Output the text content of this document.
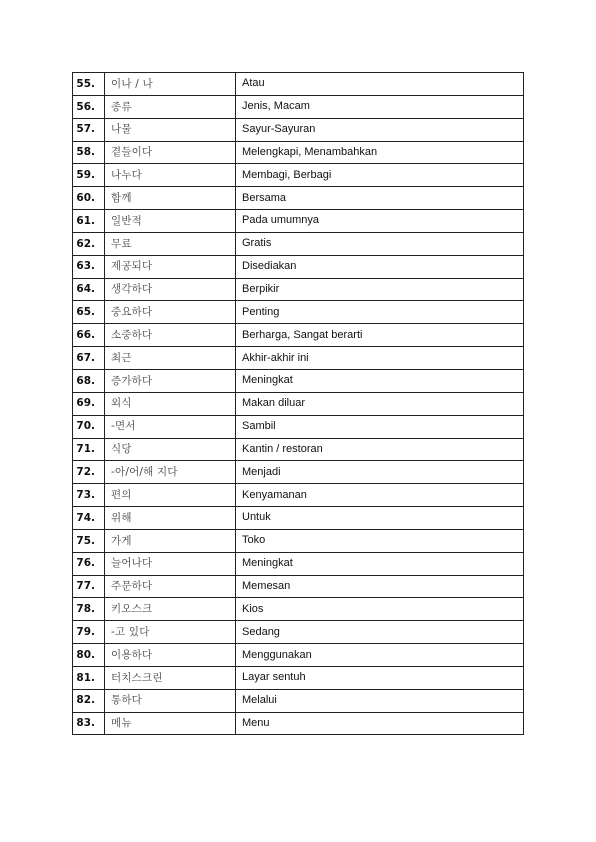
55.	이나 / 나	Atau
56.	종류	Jenis, Macam
57.	나물	Sayur-Sayuran
58.	곁들이다	Melengkapi, Menambahkan
59.	나누다	Membagi, Berbagi
60.	함께	Bersama
61.	일반적	Pada umumnya
62.	무료	Gratis
63.	제공되다	Disediakan
64.	생각하다	Berpikir
65.	중요하다	Penting
66.	소중하다	Berharga, Sangat berarti
67.	최근	Akhir-akhir ini
68.	증가하다	Meningkat
69.	외식	Makan diluar
70.	-면서	Sambil
71.	식당	Kantin / restoran
72.	-아/어/해 지다	Menjadi
73.	편의	Kenyamanan
74.	위해	Untuk
75.	가게	Toko
76.	늘어나다	Meningkat
77.	주문하다	Memesan
78.	키오스크	Kios
79.	-고 있다	Sedang
80.	이용하다	Menggunakan
81.	터치스크린	Layar sentuh
82.	통하다	Melalui
83.	메뉴	Menu
